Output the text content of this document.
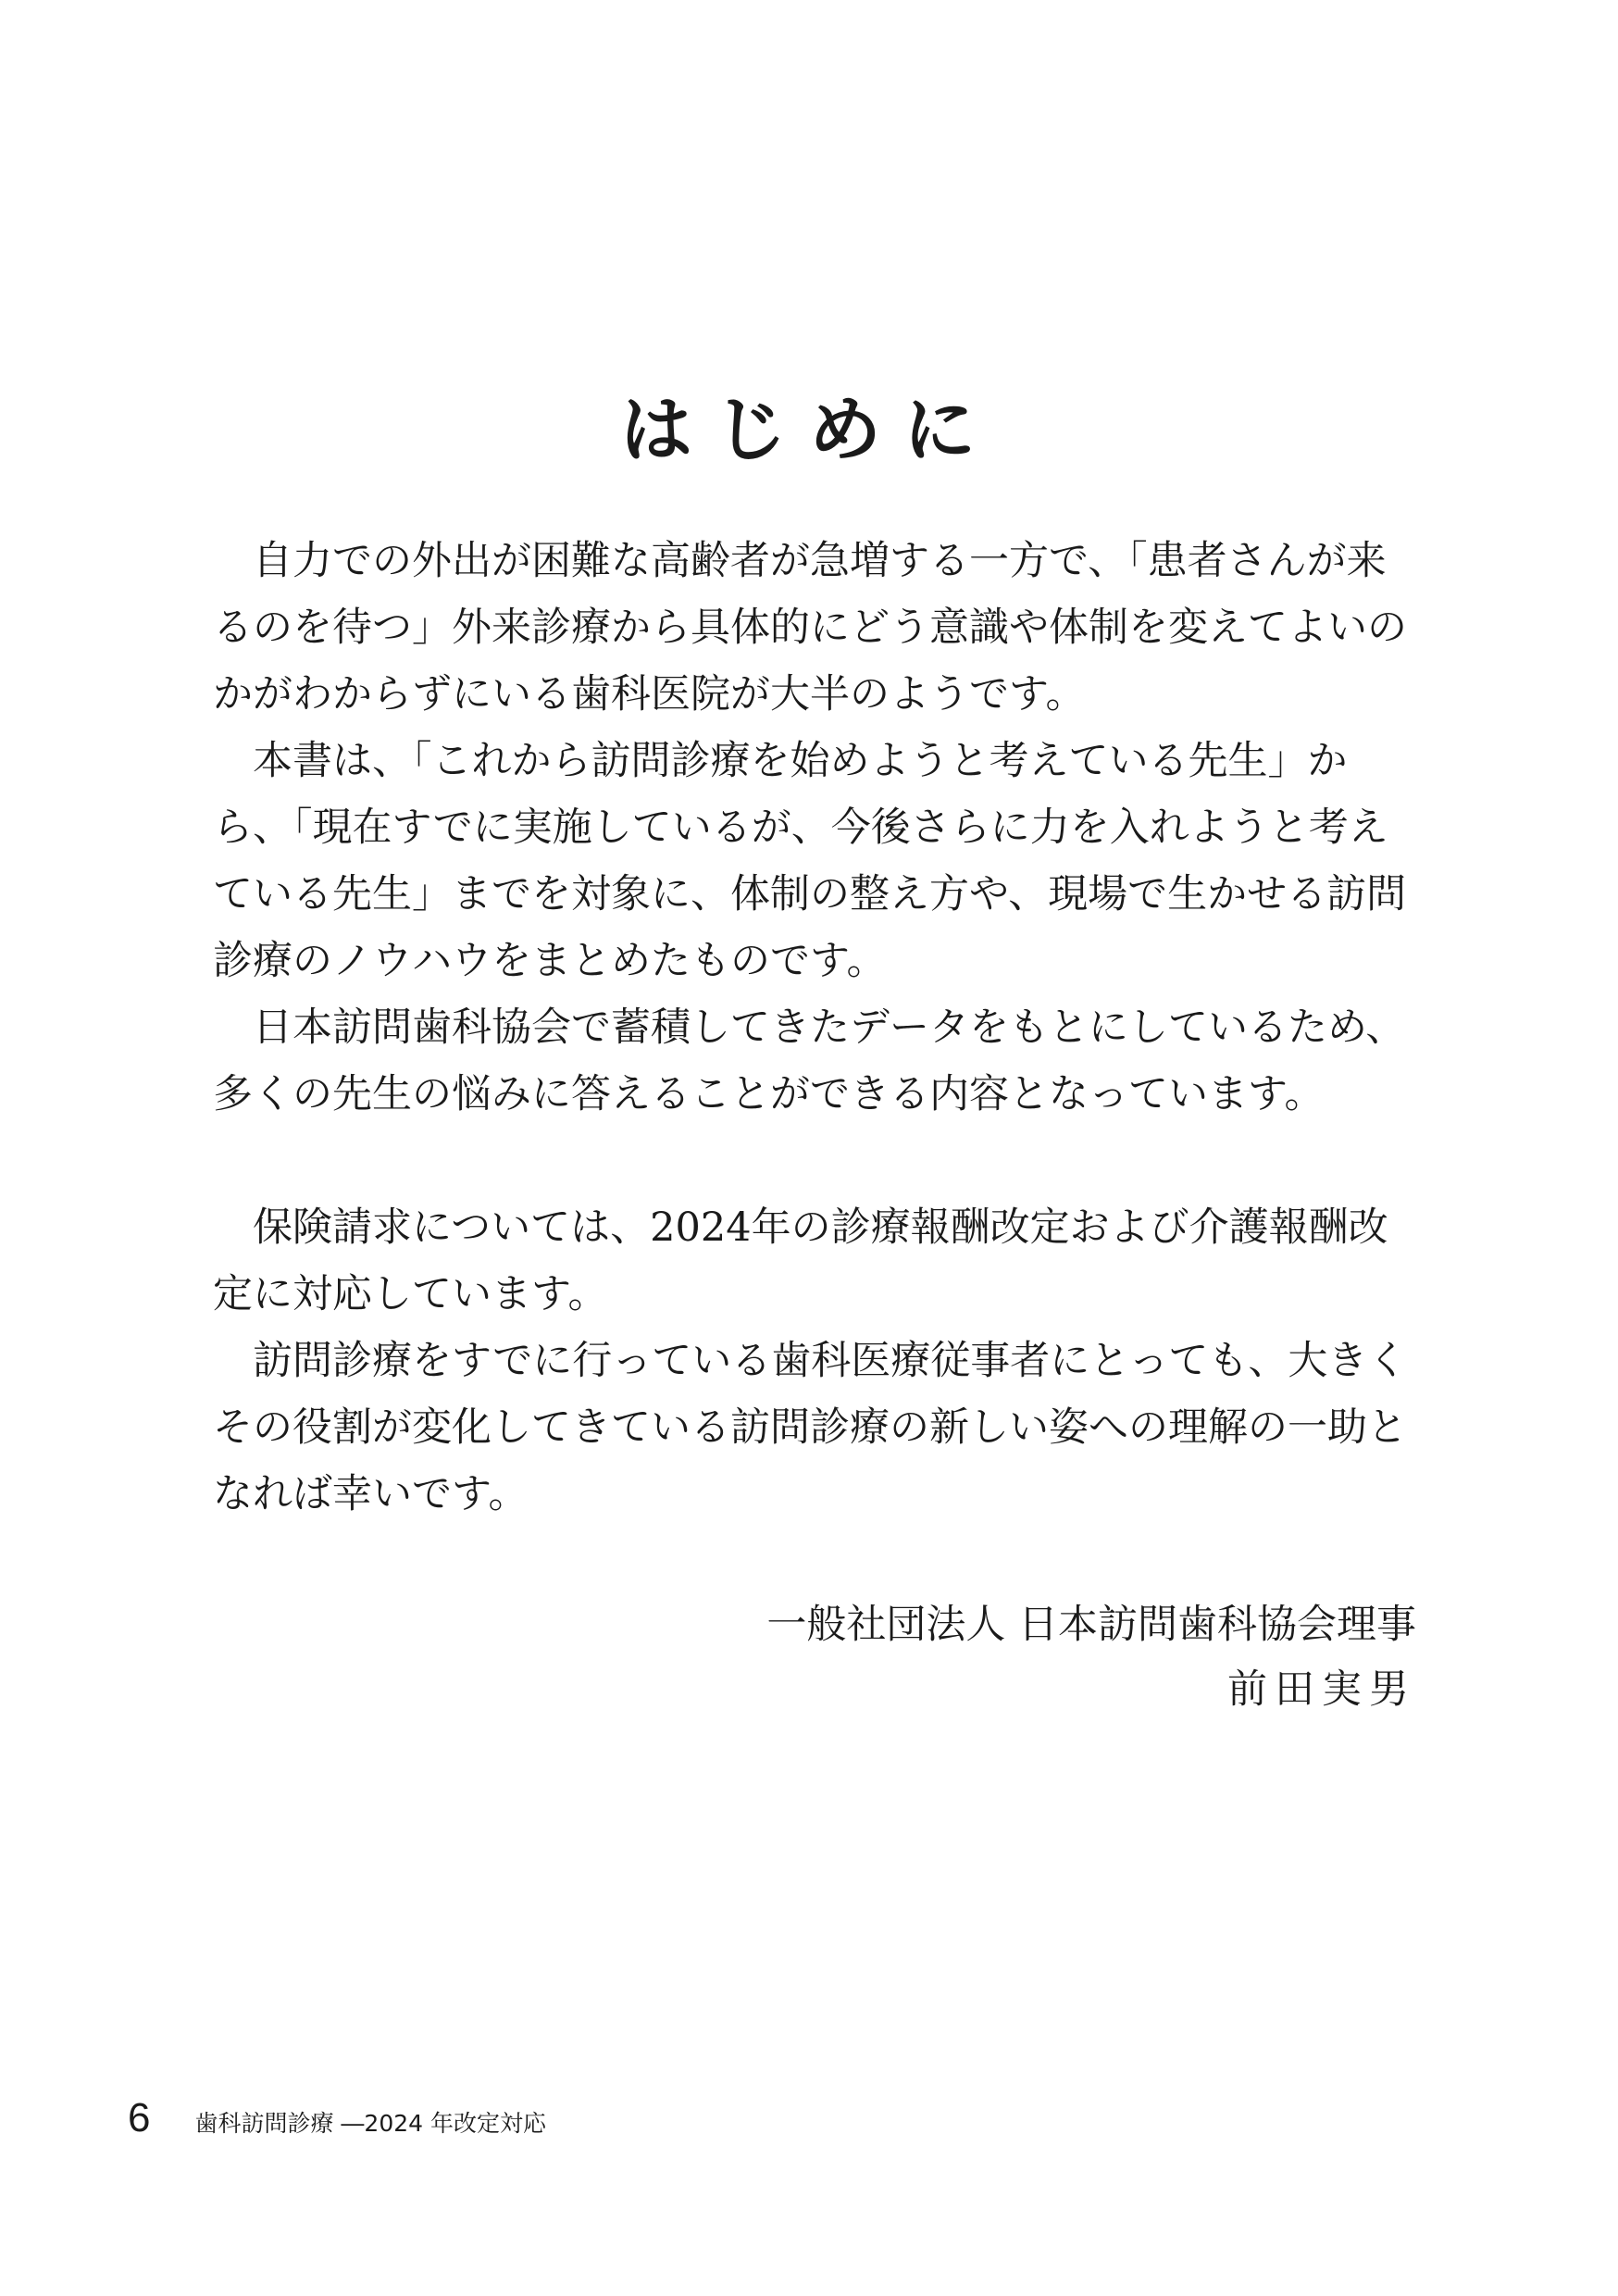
はじめに

自力での外出が困難な高齢者が急増する一方で、「患者さんが来るのを待つ」外来診療から具体的にどう意識や体制を変えてよいのかがわからずにいる歯科医院が大半のようです。

本書は、「これから訪問診療を始めようと考えている先生」から、「現在すでに実施しているが、今後さらに力を入れようと考えている先生」までを対象に、体制の整え方や、現場で生かせる訪問診療のノウハウをまとめたものです。

日本訪問歯科協会で蓄積してきたデータをもとにしているため、多くの先生の悩みに答えることができる内容となっています。

保険請求については、2024年の診療報酬改定および介護報酬改定に対応しています。

訪問診療をすでに行っている歯科医療従事者にとっても、大きくその役割が変化してきている訪問診療の新しい姿への理解の一助となれば幸いです。

一般社団法人 日本訪問歯科協会理事
前田実男
6 歯科訪問診療 ―2024 年改定対応
